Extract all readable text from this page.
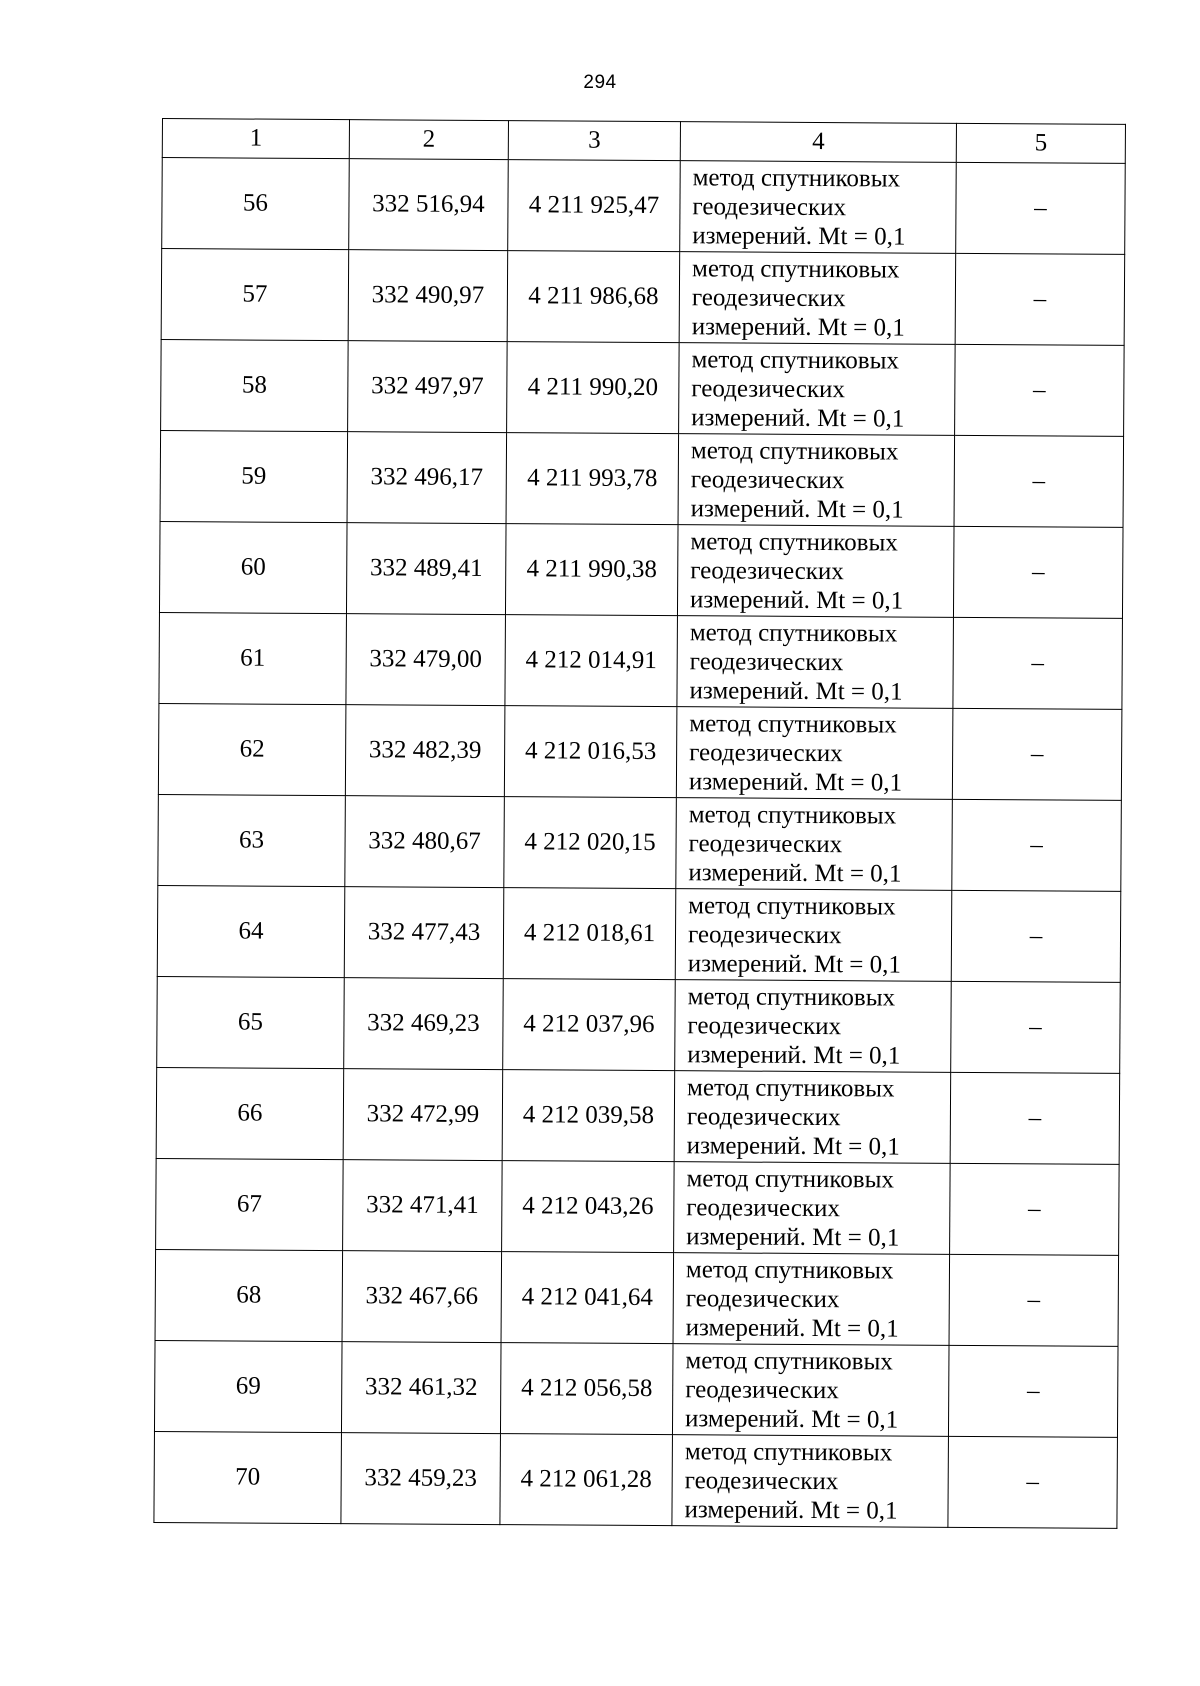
294
1	2	3	4	5
56	332 516,94	4 211 925,47	метод спутниковых
геодезических
измерений. Mt = 0,1	–
57	332 490,97	4 211 986,68	метод спутниковых
геодезических
измерений. Mt = 0,1	–
58	332 497,97	4 211 990,20	метод спутниковых
геодезических
измерений. Mt = 0,1	–
59	332 496,17	4 211 993,78	метод спутниковых
геодезических
измерений. Mt = 0,1	–
60	332 489,41	4 211 990,38	метод спутниковых
геодезических
измерений. Mt = 0,1	–
61	332 479,00	4 212 014,91	метод спутниковых
геодезических
измерений. Mt = 0,1	–
62	332 482,39	4 212 016,53	метод спутниковых
геодезических
измерений. Mt = 0,1	–
63	332 480,67	4 212 020,15	метод спутниковых
геодезических
измерений. Mt = 0,1	–
64	332 477,43	4 212 018,61	метод спутниковых
геодезических
измерений. Mt = 0,1	–
65	332 469,23	4 212 037,96	метод спутниковых
геодезических
измерений. Mt = 0,1	–
66	332 472,99	4 212 039,58	метод спутниковых
геодезических
измерений. Mt = 0,1	–
67	332 471,41	4 212 043,26	метод спутниковых
геодезических
измерений. Mt = 0,1	–
68	332 467,66	4 212 041,64	метод спутниковых
геодезических
измерений. Mt = 0,1	–
69	332 461,32	4 212 056,58	метод спутниковых
геодезических
измерений. Mt = 0,1	–
70	332 459,23	4 212 061,28	метод спутниковых
геодезических
измерений. Mt = 0,1	–
